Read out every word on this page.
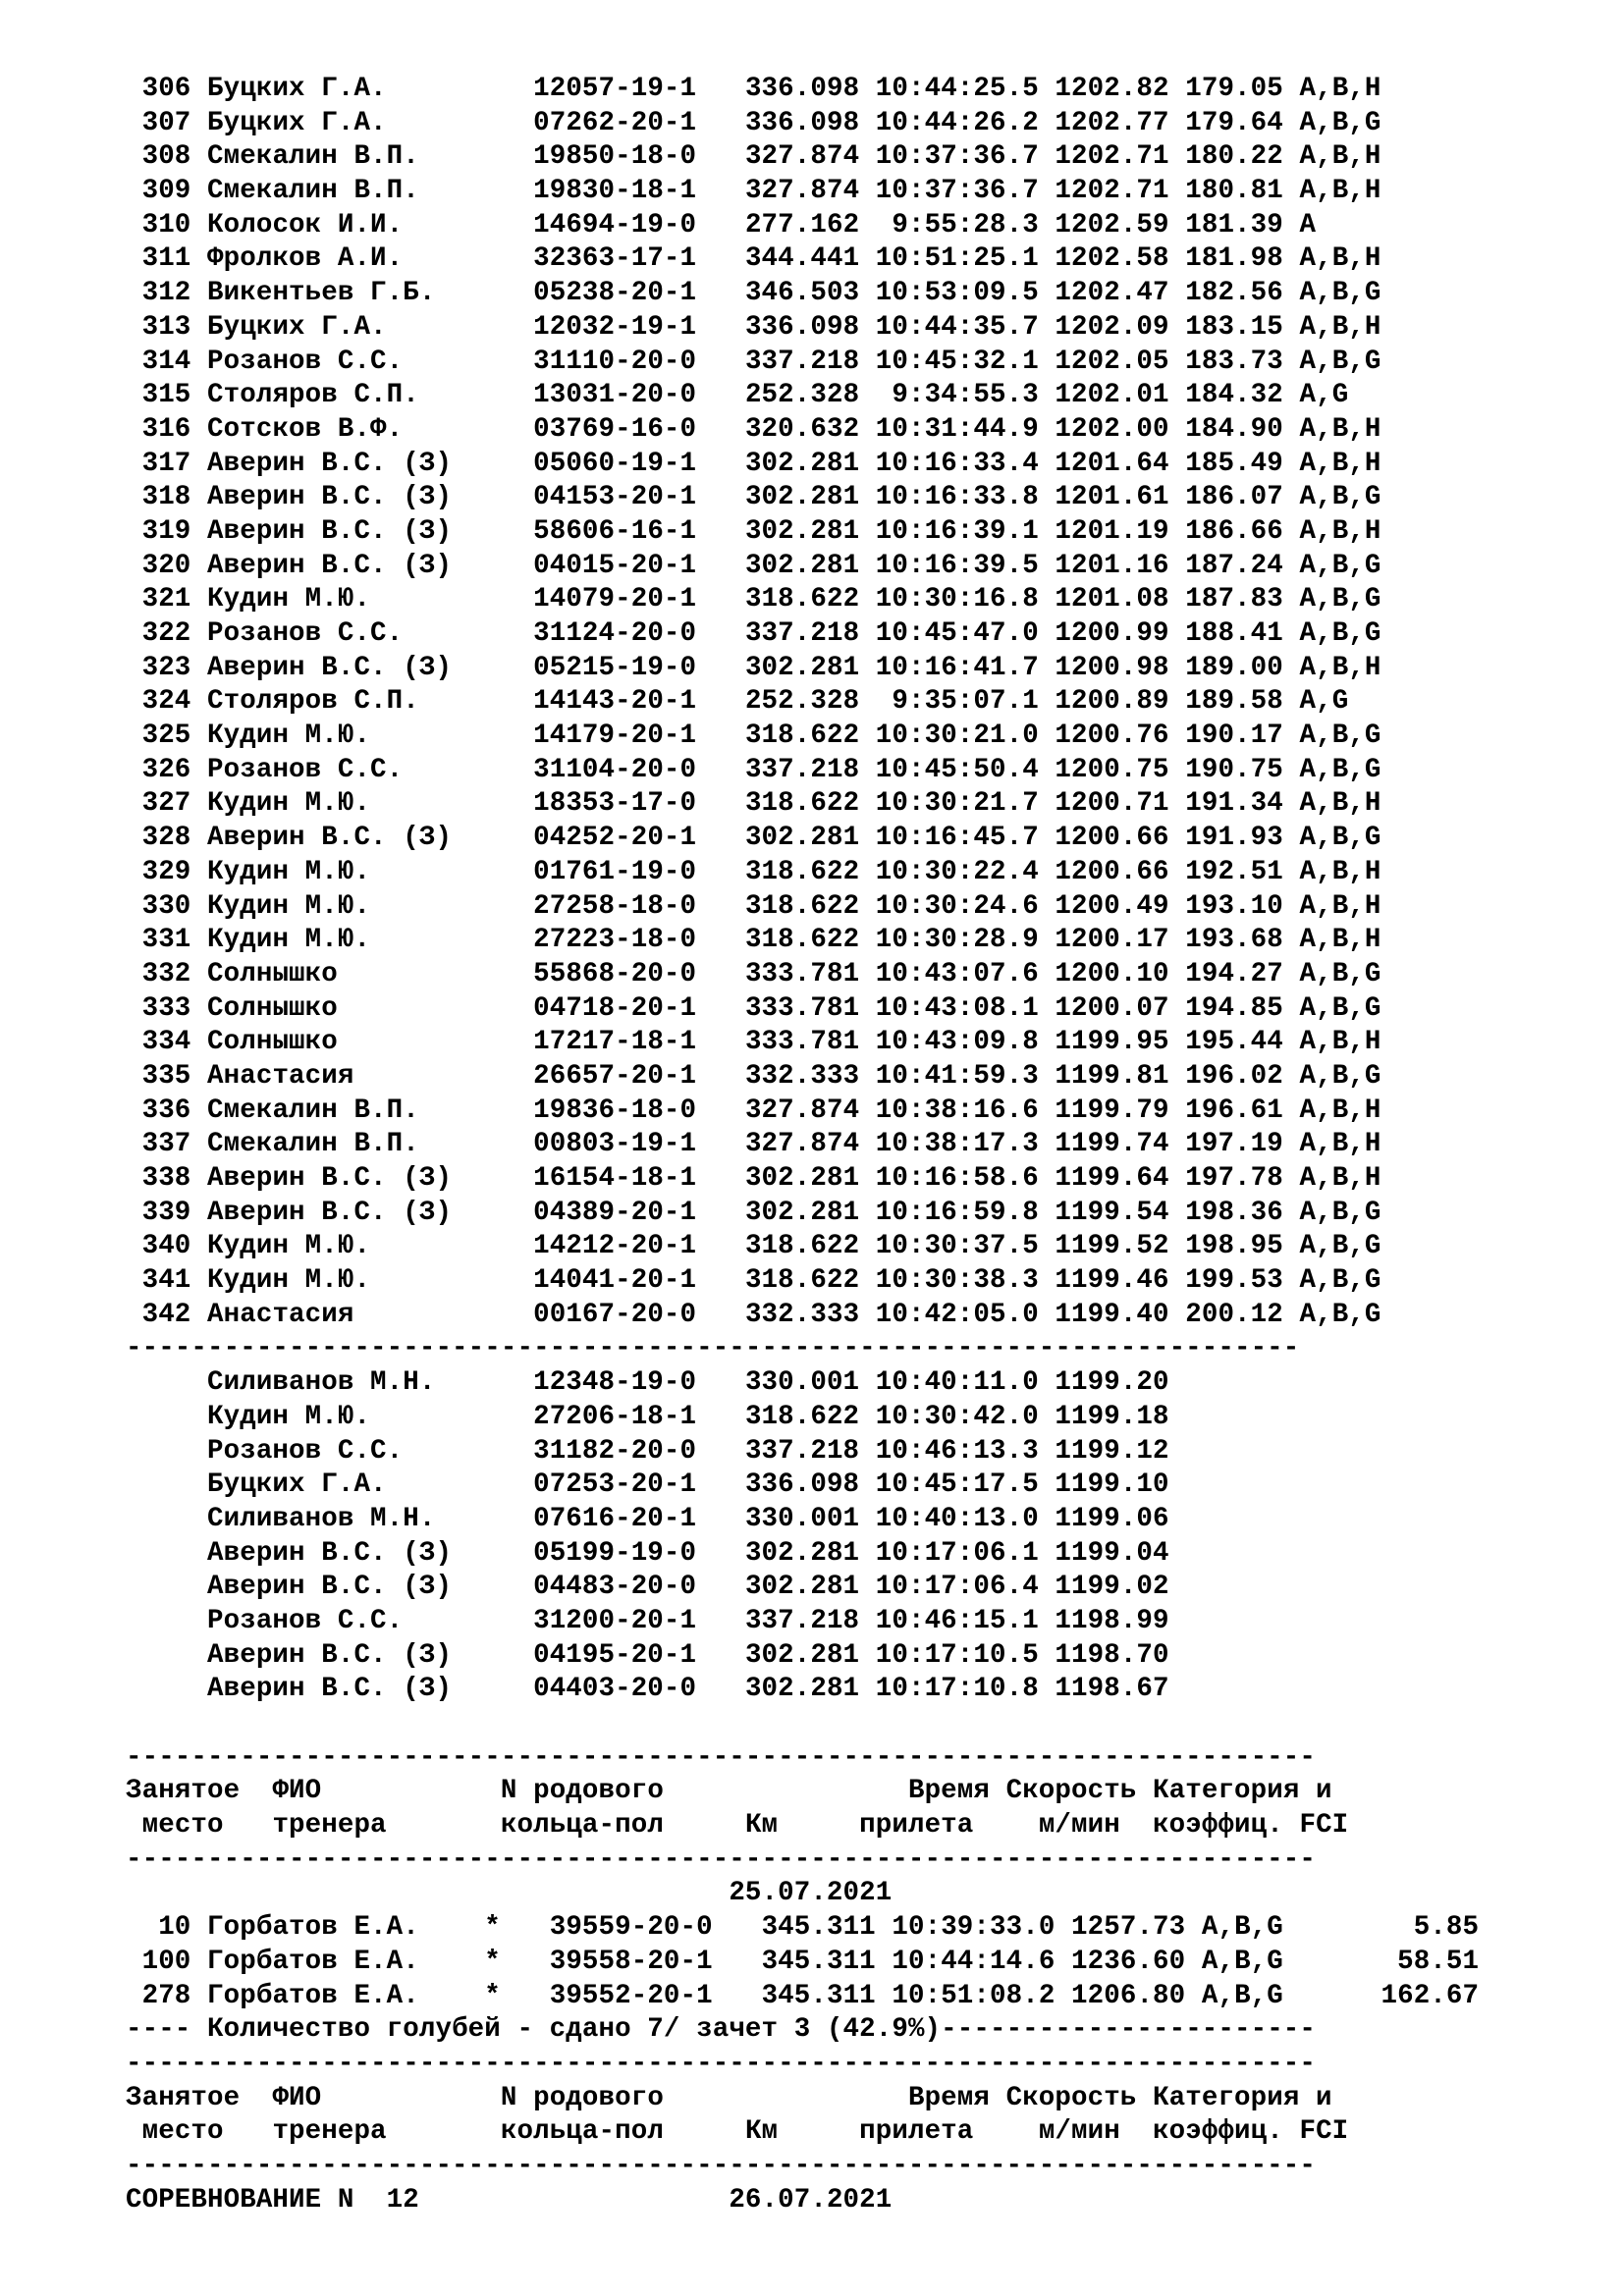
306 Буцких Г.А.         12057-19-1 336.098 10:44:25.5 1202.82 179.05 A,B,H
307 Буцких Г.А.         07262-20-1 336.098 10:44:26.2 1202.77 179.64 A,B,G
308 Смекалин В.П.       19850-18-0 327.874 10:37:36.7 1202.71 180.22 A,B,H
309 Смекалин В.П.       19830-18-1 327.874 10:37:36.7 1202.71 180.81 A,B,H
310 Колосок И.И.        14694-19-0 277.162  9:55:28.3 1202.59 181.39 A
311 Фролков А.И.        32363-17-1 344.441 10:51:25.1 1202.58 181.98 A,B,H
312 Викентьев Г.Б.      05238-20-1 346.503 10:53:09.5 1202.47 182.56 A,B,G
313 Буцких Г.А.         12032-19-1 336.098 10:44:35.7 1202.09 183.15 A,B,H
314 Розанов С.С.        31110-20-0 337.218 10:45:32.1 1202.05 183.73 A,B,G
315 Столяров С.П.       13031-20-0 252.328  9:34:55.3 1202.01 184.32 A,G
316 Сотсков В.Ф.        03769-16-0 320.632 10:31:44.9 1202.00 184.90 A,B,H
317 Аверин В.С. (З)     05060-19-1 302.281 10:16:33.4 1201.64 185.49 A,B,H
318 Аверин В.С. (З)     04153-20-1 302.281 10:16:33.8 1201.61 186.07 A,B,G
319 Аверин В.С. (З)     58606-16-1 302.281 10:16:39.1 1201.19 186.66 A,B,H
320 Аверин В.С. (З)     04015-20-1 302.281 10:16:39.5 1201.16 187.24 A,B,G
321 Кудин М.Ю.          14079-20-1 318.622 10:30:16.8 1201.08 187.83 A,B,G
322 Розанов С.С.        31124-20-0 337.218 10:45:47.0 1200.99 188.41 A,B,G
323 Аверин В.С. (З)     05215-19-0 302.281 10:16:41.7 1200.98 189.00 A,B,H
324 Столяров С.П.       14143-20-1 252.328  9:35:07.1 1200.89 189.58 A,G
325 Кудин М.Ю.          14179-20-1 318.622 10:30:21.0 1200.76 190.17 A,B,G
326 Розанов С.С.        31104-20-0 337.218 10:45:50.4 1200.75 190.75 A,B,G
327 Кудин М.Ю.          18353-17-0 318.622 10:30:21.7 1200.71 191.34 A,B,H
328 Аверин В.С. (З)     04252-20-1 302.281 10:16:45.7 1200.66 191.93 A,B,G
329 Кудин М.Ю.          01761-19-0 318.622 10:30:22.4 1200.66 192.51 A,B,H
330 Кудин М.Ю.          27258-18-0 318.622 10:30:24.6 1200.49 193.10 A,B,H
331 Кудин М.Ю.          27223-18-0 318.622 10:30:28.9 1200.17 193.68 A,B,H
332 Солнышко            55868-20-0 333.781 10:43:07.6 1200.10 194.27 A,B,G
333 Солнышко            04718-20-1 333.781 10:43:08.1 1200.07 194.85 A,B,G
334 Солнышко            17217-18-1 333.781 10:43:09.8 1199.95 195.44 A,B,H
335 Анастасия           26657-20-1 332.333 10:41:59.3 1199.81 196.02 A,B,G
336 Смекалин В.П.       19836-18-0 327.874 10:38:16.6 1199.79 196.61 A,B,H
337 Смекалин В.П.       00803-19-1 327.874 10:38:17.3 1199.74 197.19 A,B,H
338 Аверин В.С. (З)     16154-18-1 302.281 10:16:58.6 1199.64 197.78 A,B,H
339 Аверин В.С. (З)     04389-20-1 302.281 10:16:59.8 1199.54 198.36 A,B,G
340 Кудин М.Ю.          14212-20-1 318.622 10:30:37.5 1199.52 198.95 A,B,G
341 Кудин М.Ю.          14041-20-1 318.622 10:30:38.3 1199.46 199.53 A,B,G
342 Анастасия           00167-20-0 332.333 10:42:05.0 1199.40 200.12 A,B,G
------------------------------------------------------------------------
Силиванов М.Н.      12348-19-0 330.001 10:40:11.0 1199.20
Кудин М.Ю.          27206-18-1 318.622 10:30:42.0 1199.18
Розанов С.С.        31182-20-0 337.218 10:46:13.3 1199.12
Буцких Г.А.         07253-20-1 336.098 10:45:17.5 1199.10
Силиванов М.Н.      07616-20-1 330.001 10:40:13.0 1199.06
Аверин В.С. (З)     05199-19-0 302.281 10:17:06.1 1199.04
Аверин В.С. (З)     04483-20-0 302.281 10:17:06.4 1199.02
Розанов С.С.        31200-20-1 337.218 10:46:15.1 1198.99
Аверин В.С. (З)     04195-20-1 302.281 10:17:10.5 1198.70
Аверин В.С. (З)     04403-20-0 302.281 10:17:10.8 1198.67
-------------------------------------------------------------------------
Занятое  ФИО           N родового	Время Скорость Категория и
место   тренера       кольца-пол	Км	прилета м/мин коэффиц. FCI
-------------------------------------------------------------------------
25.07.2021
10 Горбатов Е.А. * 39559-20-0 345.311 10:39:33.0 1257.73 A,B,G        5.85
100 Горбатов Е.А. * 39558-20-1 345.311 10:44:14.6 1236.60 A,B,G       58.51
278 Горбатов Е.А. * 39552-20-1 345.311 10:51:08.2 1206.80 A,B,G      162.67
---- Количество голубей - сдано 7/ зачет 3 (42.9%)-----------------------
-------------------------------------------------------------------------
Занятое  ФИО           N родового	Время Скорость Категория и
место   тренера       кольца-пол	Км	прилета м/мин коэффиц. FCI
-------------------------------------------------------------------------
СОРЕВНОВАНИЕ N 12	26.07.2021
